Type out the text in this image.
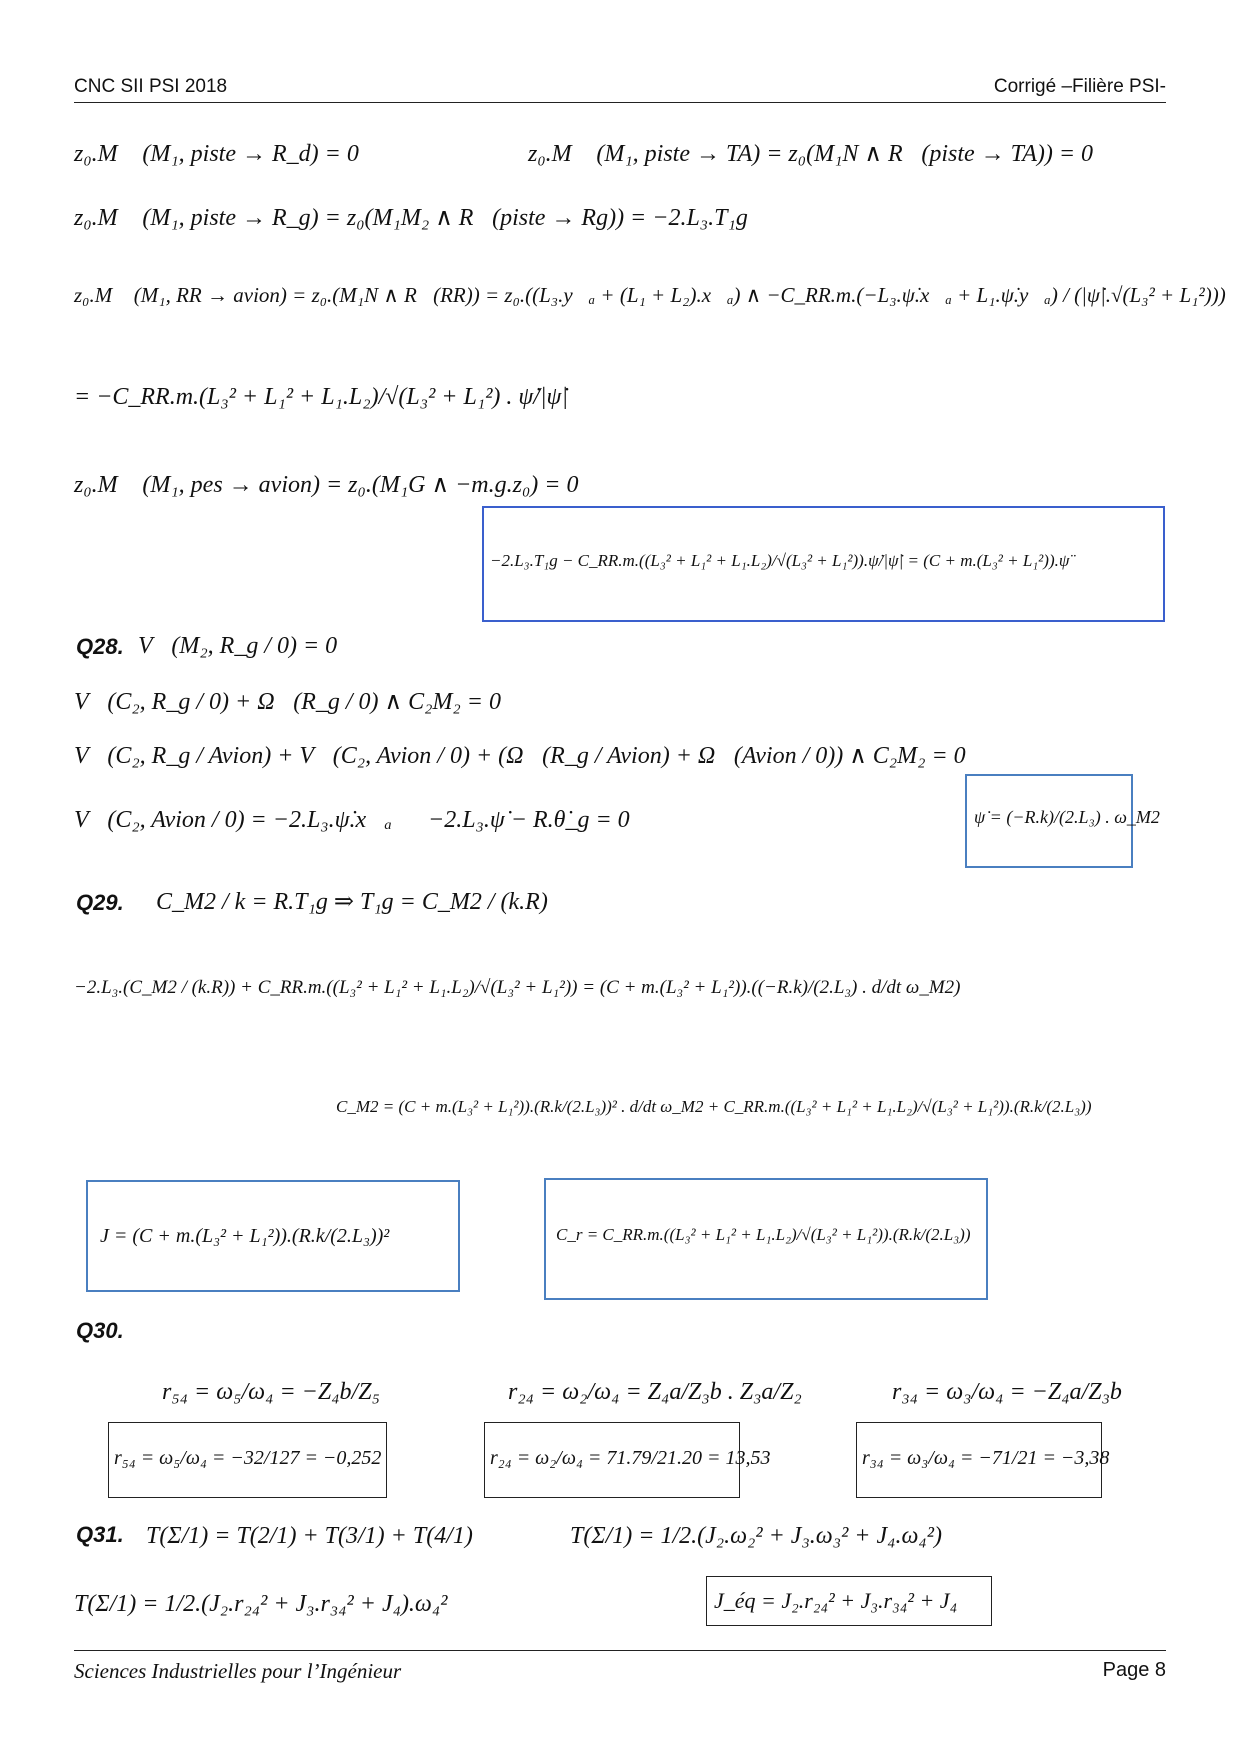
CNC SII PSI 2018	Corrigé –Filière PSI-
z₀.M⃗ (M₁, piste → R_d) = 0⃗	z₀.M⃗ (M₁, piste → TA) = z₀(M₁N ∧ R⃗(piste → TA)) = 0
z₀.M⃗ (M₁, piste → R_g) = z₀(M₁M₂ ∧ R⃗(piste → Rg)) = −2.L₃.T₁g
z₀.M⃗ (M₁, RR → avion) = z₀.(M₁N ∧ R⃗(RR)) = z₀.((L₃.y⃗ₐ + (L₁ + L₂).x⃗ₐ) ∧ −C_RR.m.(−L₃.ψ̇.x⃗ₐ + L₁.ψ̇.y⃗ₐ) / (|ψ̇|.√(L₃² + L₁²)))
= −C_RR.m.(L₃² + L₁² + L₁.L₂)/√(L₃² + L₁²) . ψ̇/|ψ̇|
z₀.M⃗ (M₁, pes → avion) = z₀.(M₁G ∧ −m.g.z₀) = 0
−2.L₃.T₁g − C_RR.m.((L₃² + L₁² + L₁.L₂)/√(L₃² + L₁²)).ψ̇/|ψ̇| = (C + m.(L₃² + L₁²)).ψ̈
Q28. V⃗(M₂, R_g / 0) = 0⃗
V⃗(C₂, R_g / 0) + Ω⃗(R_g / 0) ∧ C₂M₂ = 0⃗
V⃗(C₂, R_g / Avion) + V⃗(C₂, Avion / 0) + (Ω⃗(R_g / Avion) + Ω⃗(Avion / 0)) ∧ C₂M₂ = 0⃗
V⃗(C₂, Avion / 0) = −2.L₃.ψ̇.x⃗ₐ −2.L₃.ψ̇ − R.θ̇_g = 0	ψ̇ = (−R.k)/(2.L₃) . ω_M2
Q29. C_M2 / k = R.T₁g ⇒ T₁g = C_M2 / (k.R)
−2.L₃.(C_M2 / (k.R)) + C_RR.m.((L₃² + L₁² + L₁.L₂)/√(L₃² + L₁²)) = (C + m.(L₃² + L₁²)).((−R.k)/(2.L₃) . d/dt ω_M2)
C_M2 = (C + m.(L₃² + L₁²)).(R.k/(2.L₃))² . d/dt ω_M2 + C_RR.m.((L₃² + L₁² + L₁.L₂)/√(L₃² + L₁²)).(R.k/(2.L₃))
J = (C + m.(L₃² + L₁²)).(R.k/(2.L₃))²	C_r = C_RR.m.((L₃² + L₁² + L₁.L₂)/√(L₃² + L₁²)).(R.k/(2.L₃))
Q30.
r₅₄ = ω₅/ω₄ = −Z₄b/Z₅	r₂₄ = ω₂/ω₄ = Z₄a/Z₃b . Z₃a/Z₂	r₃₄ = ω₃/ω₄ = −Z₄a/Z₃b
r₅₄ = ω₅/ω₄ = −32/127 = −0,252	r₂₄ = ω₂/ω₄ = 71.79/21.20 = 13,53	r₃₄ = ω₃/ω₄ = −71/21 = −3,38
Q31. T(Σ/1) = T(2/1) + T(3/1) + T(4/1)	T(Σ/1) = 1/2.(J₂.ω₂² + J₃.ω₃² + J₄.ω₄²)
T(Σ/1) = 1/2.(J₂.r₂₄² + J₃.r₃₄² + J₄).ω₄²	J_éq = J₂.r₂₄² + J₃.r₃₄² + J₄
Sciences Industrielles pour l’Ingénieur	Page 8
